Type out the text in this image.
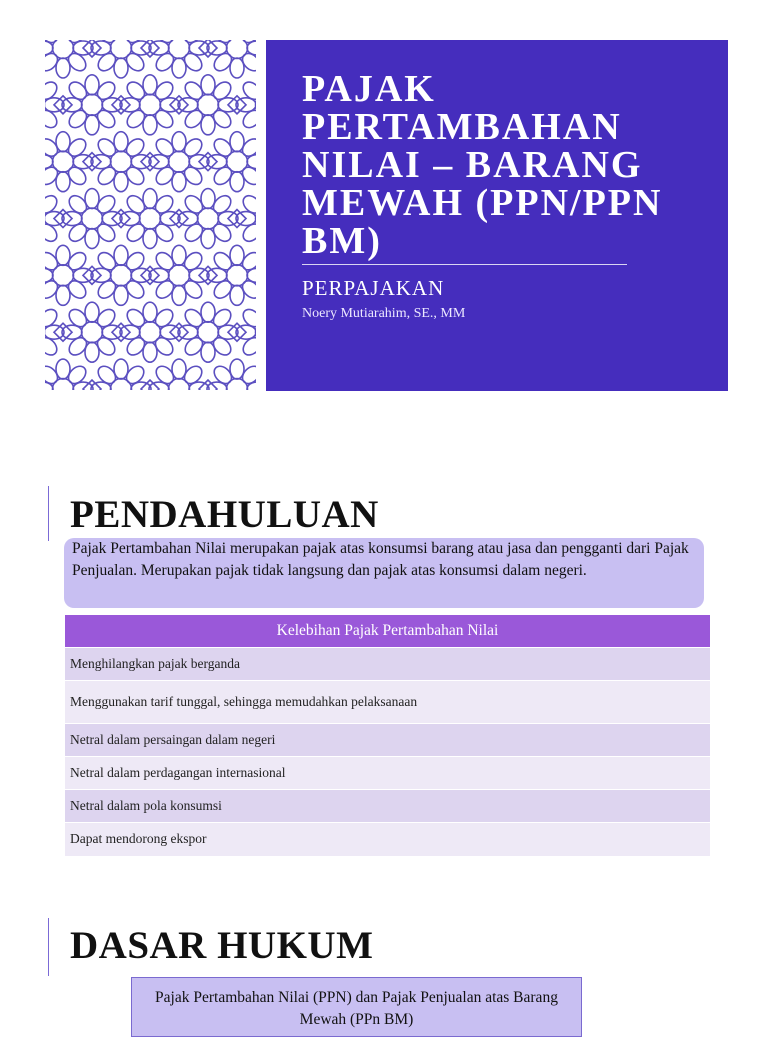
PAJAK PERTAMBAHAN NILAI – BARANG MEWAH (PPN/PPN BM)
PERPAJAKAN
Noery Mutiarahim, SE., MM
PENDAHULUAN
Pajak Pertambahan Nilai merupakan pajak atas konsumsi barang atau jasa dan pengganti dari Pajak Penjualan. Merupakan pajak tidak langsung dan pajak atas konsumsi dalam negeri.
Kelebihan Pajak Pertambahan Nilai
Menghilangkan pajak berganda
Menggunakan tarif tunggal, sehingga memudahkan pelaksanaan
Netral dalam persaingan dalam negeri
Netral dalam perdagangan internasional
Netral dalam pola konsumsi
Dapat mendorong ekspor
DASAR HUKUM
Pajak Pertambahan Nilai (PPN) dan Pajak Penjualan atas Barang Mewah (PPn BM)
